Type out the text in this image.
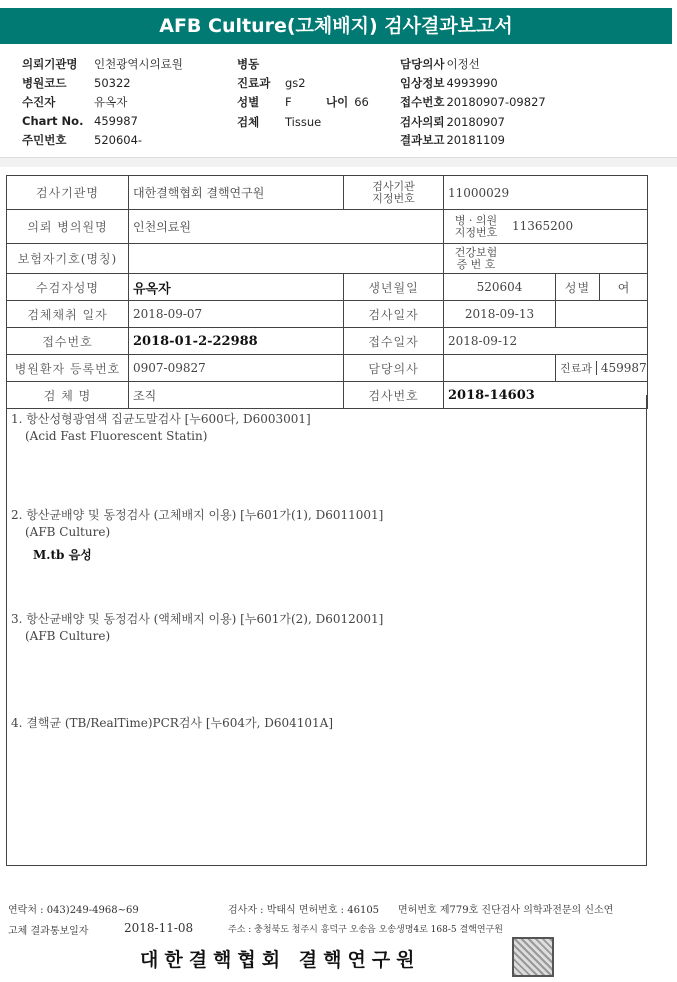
AFB Culture(고체배지) 검사결과보고서
의뢰기관명 인천광역시의료원
병원코드 50322
수진자	유옥자
Chart No. 459987
주민번호 520604-
병동
진료과 gs2
성별 F	나이 66
검체 Tissue
담당의사 이정선
임상정보 4993990
접수번호 20180907-09827
검사의뢰 20180907
결과보고 20181109
검사기관명	대한결핵협회 결핵연구원	검사기관
지정번호	11000029		
의뢰 병의원명	인천의료원		병 · 의원
지정번호 11365200		
보험자기호(명칭)			건강보험
증 번 호		
수검자성명	유옥자	생년월일	520604	성별	여
검체채취 일자	2018-09-07	검사일자	2018-09-13		
접수번호	2018-01-2-22988	접수일자	2018-09-12		
병원환자 등록번호	0907-09827	담당의사		진료과 459987	
검 체 명	조직	검사번호	2018-14603		
1. 항산성형광염색 집균도말검사 [누600다, D6003001]
(Acid Fast Fluorescent Statin)
2. 항산균배양 및 동정검사 (고체배지 이용) [누601가(1), D6011001]
(AFB Culture)
M.tb 음성
3. 항산균배양 및 동정검사 (액체배지 이용) [누601가(2), D6012001]
(AFB Culture)
4. 결핵균 (TB/RealTime)PCR검사 [누604가, D604101A]
연락처 : 043)249-4968~69	검사자 : 박태식 면허번호 : 46105 면허번호 제779호 진단검사 의학과전문의 신소연
고체 결과통보일자	2018-11-08	주소 : 충청북도 청주시 흥덕구 오송읍 오송생명4로 168-5 결핵연구원
대한결핵협회 결핵연구원
